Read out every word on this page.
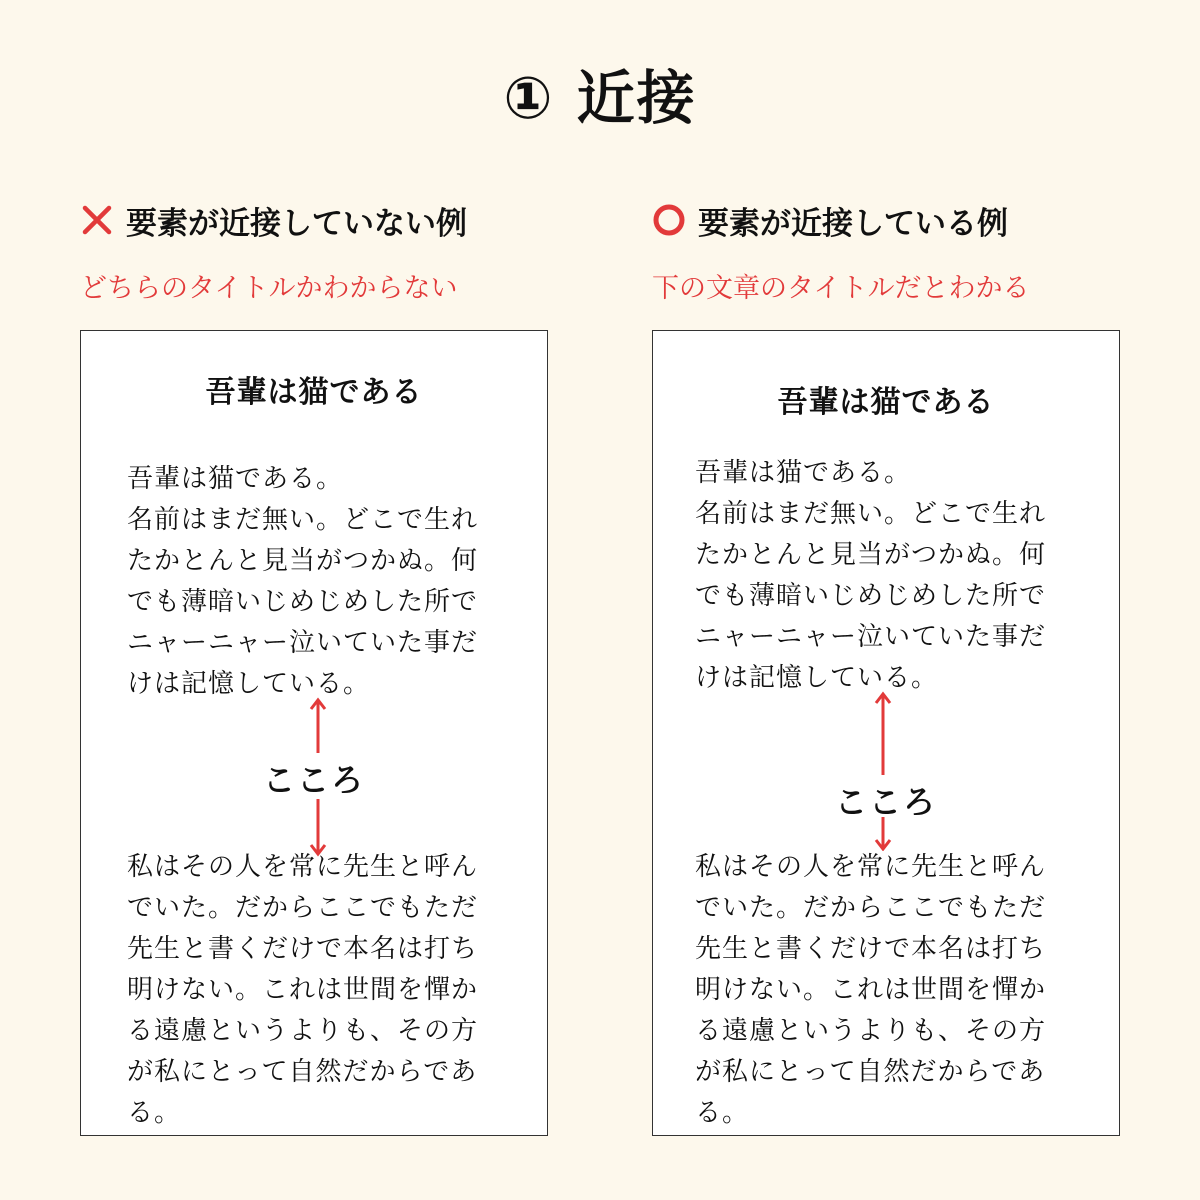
① 近接
要素が近接していない例
どちらのタイトルかわからない
吾輩は猫である
吾輩は猫である。
名前はまだ無い。どこで生れ
たかとんと見当がつかぬ。何
でも薄暗いじめじめした所で
ニャーニャー泣いていた事だ
けは記憶している。
こころ
私はその人を常に先生と呼ん
でいた。だからここでもただ
先生と書くだけで本名は打ち
明けない。これは世間を憚か
る遠慮というよりも、その方
が私にとって自然だからであ
る。
要素が近接している例
下の文章のタイトルだとわかる
吾輩は猫である
吾輩は猫である。
名前はまだ無い。どこで生れ
たかとんと見当がつかぬ。何
でも薄暗いじめじめした所で
ニャーニャー泣いていた事だ
けは記憶している。
こころ
私はその人を常に先生と呼ん
でいた。だからここでもただ
先生と書くだけで本名は打ち
明けない。これは世間を憚か
る遠慮というよりも、その方
が私にとって自然だからであ
る。
